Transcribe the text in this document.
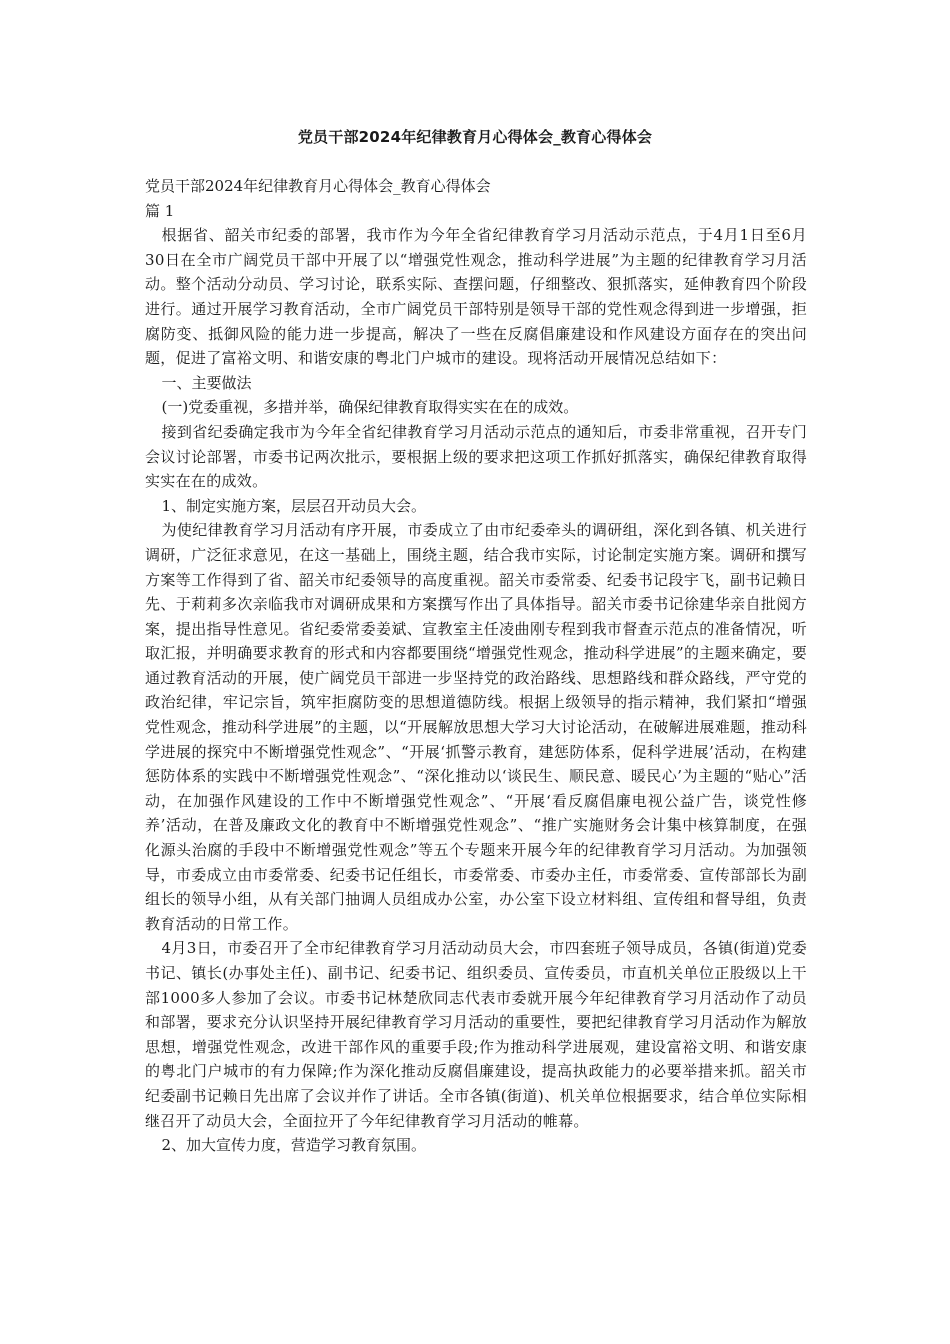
党员干部2024年纪律教育月心得体会_教育心得体会

党员干部2024年纪律教育月心得体会_教育心得体会

篇 1

根据省、韶关市纪委的部署，我市作为今年全省纪律教育学习月活动示范点，于4月1日至6月30日在全市广阔党员干部中开展了以“增强党性观念，推动科学进展”为主题的纪律教育学习月活动。整个活动分动员、学习讨论，联系实际、查摆问题，仔细整改、狠抓落实，延伸教育四个阶段进行。通过开展学习教育活动，全市广阔党员干部特别是领导干部的党性观念得到进一步增强，拒腐防变、抵御风险的能力进一步提高，解决了一些在反腐倡廉建设和作风建设方面存在的突出问题，促进了富裕文明、和谐安康的粤北门户城市的建设。现将活动开展情况总结如下：

一、主要做法

(一)党委重视，多措并举，确保纪律教育取得实实在在的成效。

接到省纪委确定我市为今年全省纪律教育学习月活动示范点的通知后，市委非常重视，召开专门会议讨论部署，市委书记两次批示，要根据上级的要求把这项工作抓好抓落实，确保纪律教育取得实实在在的成效。

1、制定实施方案，层层召开动员大会。

为使纪律教育学习月活动有序开展，市委成立了由市纪委牵头的调研组，深化到各镇、机关进行调研，广泛征求意见，在这一基础上，围绕主题，结合我市实际，讨论制定实施方案。调研和撰写方案等工作得到了省、韶关市纪委领导的高度重视。韶关市委常委、纪委书记段宇飞，副书记赖日先、于莉莉多次亲临我市对调研成果和方案撰写作出了具体指导。韶关市委书记徐建华亲自批阅方案，提出指导性意见。省纪委常委姜斌、宣教室主任凌曲刚专程到我市督查示范点的准备情况，听取汇报，并明确要求教育的形式和内容都要围绕“增强党性观念，推动科学进展”的主题来确定，要通过教育活动的开展，使广阔党员干部进一步坚持党的政治路线、思想路线和群众路线，严守党的政治纪律，牢记宗旨，筑牢拒腐防变的思想道德防线。根据上级领导的指示精神，我们紧扣“增强党性观念，推动科学进展”的主题，以“开展解放思想大学习大讨论活动，在破解进展难题，推动科学进展的探究中不断增强党性观念”、“开展‘抓警示教育，建惩防体系，促科学进展’活动，在构建惩防体系的实践中不断增强党性观念”、“深化推动以‘谈民生、顺民意、暖民心’为主题的“贴心”活动，在加强作风建设的工作中不断增强党性观念”、“开展‘看反腐倡廉电视公益广告，谈党性修养’活动，在普及廉政文化的教育中不断增强党性观念”、“推广实施财务会计集中核算制度，在强化源头治腐的手段中不断增强党性观念”等五个专题来开展今年的纪律教育学习月活动。为加强领导，市委成立由市委常委、纪委书记任组长，市委常委、市委办主任，市委常委、宣传部部长为副组长的领导小组，从有关部门抽调人员组成办公室，办公室下设立材料组、宣传组和督导组，负责教育活动的日常工作。

4月3日，市委召开了全市纪律教育学习月活动动员大会，市四套班子领导成员，各镇(街道)党委书记、镇长(办事处主任)、副书记、纪委书记、组织委员、宣传委员，市直机关单位正股级以上干部1000多人参加了会议。市委书记林楚欣同志代表市委就开展今年纪律教育学习月活动作了动员和部署，要求充分认识坚持开展纪律教育学习月活动的重要性，要把纪律教育学习月活动作为解放思想，增强党性观念，改进干部作风的重要手段;作为推动科学进展观，建设富裕文明、和谐安康的粤北门户城市的有力保障;作为深化推动反腐倡廉建设，提高执政能力的必要举措来抓。韶关市纪委副书记赖日先出席了会议并作了讲话。全市各镇(街道)、机关单位根据要求，结合单位实际相继召开了动员大会，全面拉开了今年纪律教育学习月活动的帷幕。

2、加大宣传力度，营造学习教育氛围。
